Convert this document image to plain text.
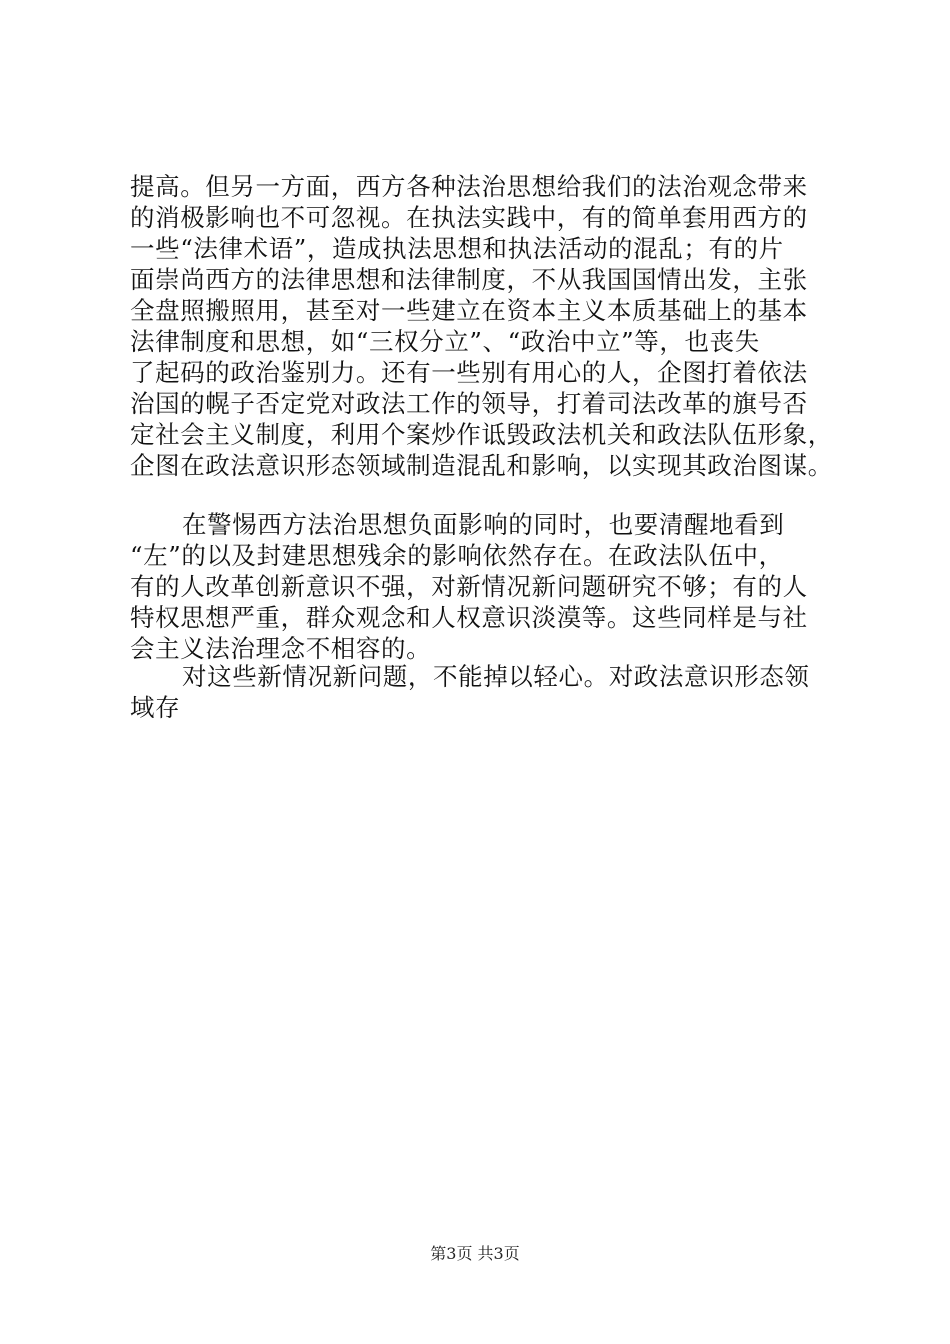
提高。但另一方面，西方各种法治思想给我们的法治观念带来
的消极影响也不可忽视。在执法实践中，有的简单套用西方的
一些“法律术语”，造成执法思想和执法活动的混乱；有的片
面崇尚西方的法律思想和法律制度，不从我国国情出发，主张
全盘照搬照用，甚至对一些建立在资本主义本质基础上的基本
法律制度和思想，如“三权分立”、“政治中立”等，也丧失
了起码的政治鉴别力。还有一些别有用心的人，企图打着依法
治国的幌子否定党对政法工作的领导，打着司法改革的旗号否
定社会主义制度，利用个案炒作诋毁政法机关和政法队伍形象，
企图在政法意识形态领域制造混乱和影响，以实现其政治图谋。
在警惕西方法治思想负面影响的同时，也要清醒地看到
“左”的以及封建思想残余的影响依然存在。在政法队伍中，
有的人改革创新意识不强，对新情况新问题研究不够；有的人
特权思想严重，群众观念和人权意识淡漠等。这些同样是与社
会主义法治理念不相容的。
对这些新情况新问题，不能掉以轻心。对政法意识形态领
域存
第3页 共3页
